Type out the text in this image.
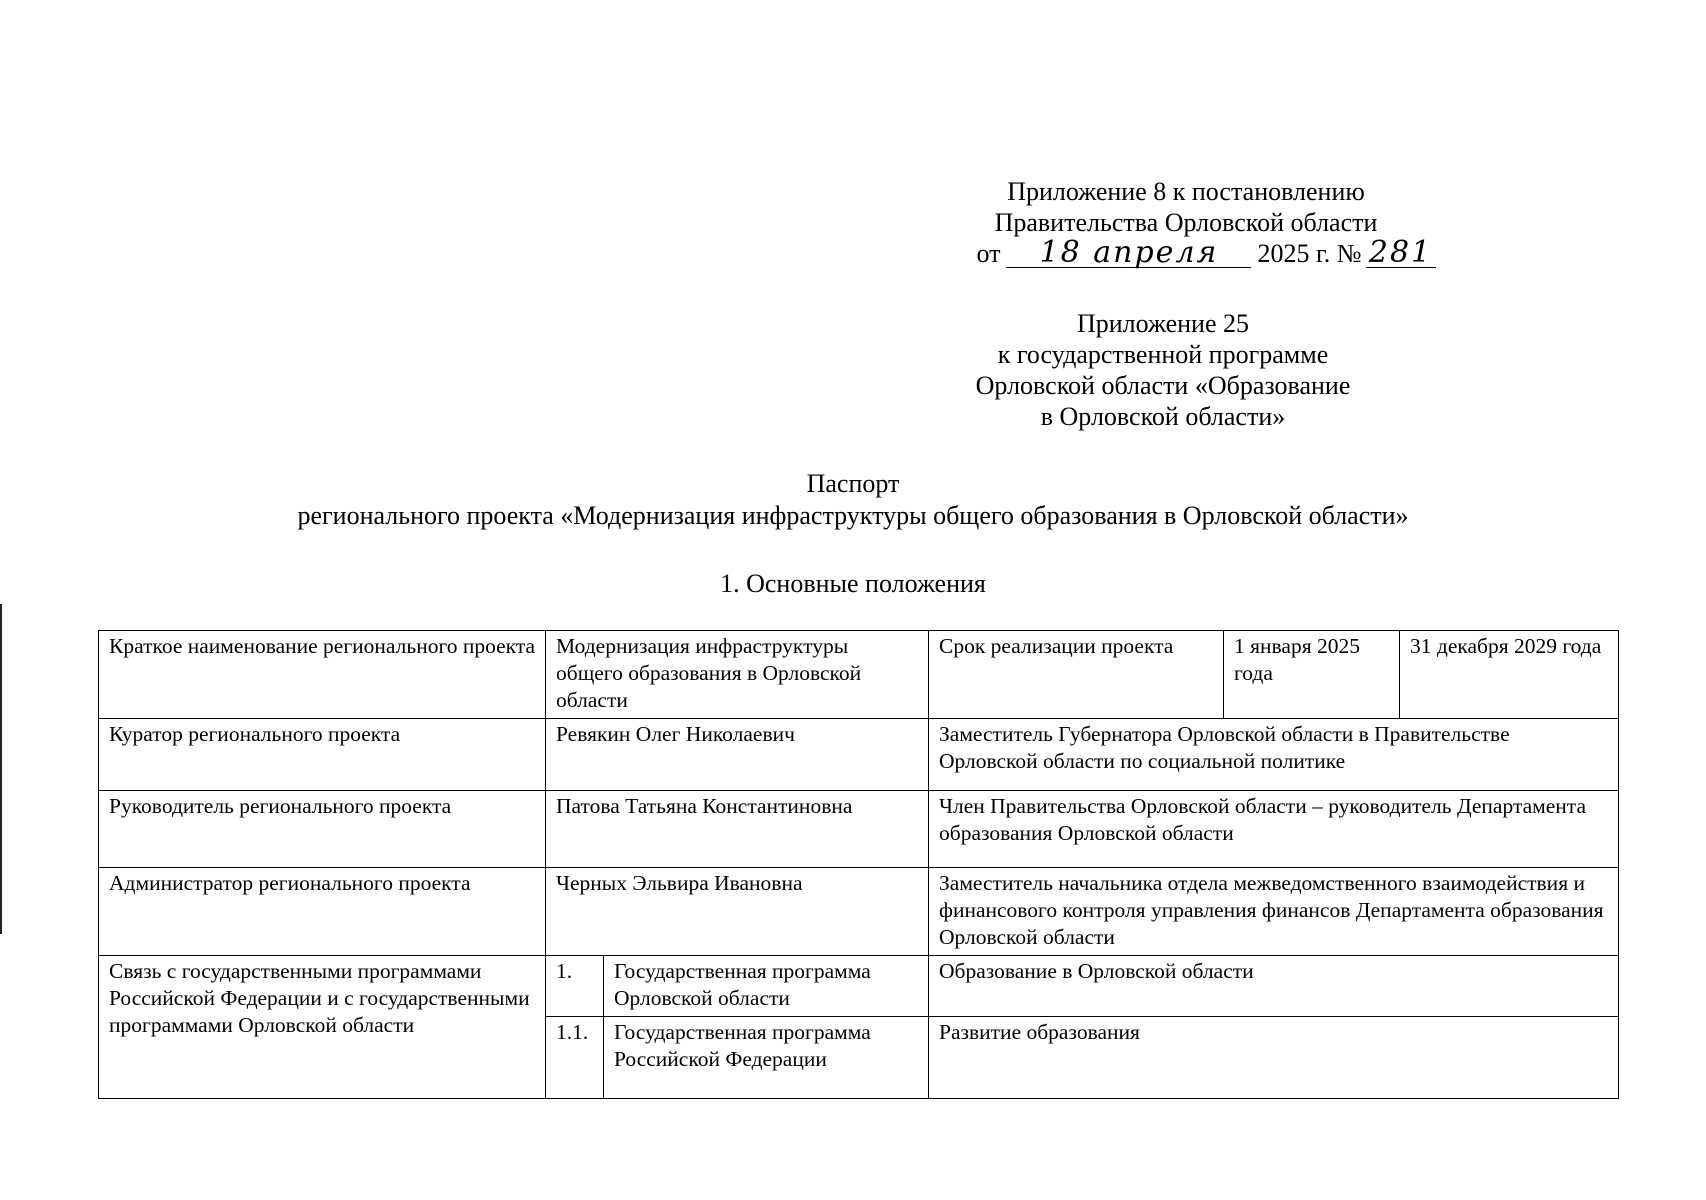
Приложение 8 к постановлению
Правительства Орловской области
от 18 апреля 2025 г. № 281
Приложение 25
к государственной программе
Орловской области «Образование
в Орловской области»
Паспорт
регионального проекта «Модернизация инфраструктуры общего образования в Орловской области»
1. Основные положения
Краткое наименование регионального проекта	Модернизация инфраструктуры общего образования в Орловской области		Срок реализации проекта	1 января 2025 года	31 декабря 2029 года
Куратор регионального проекта	Ревякин Олег Николаевич		Заместитель Губернатора Орловской области в Правительстве Орловской области по социальной политике		
Руководитель регионального проекта	Патова Татьяна Константиновна		Член Правительства Орловской области – руководитель Департамента образования Орловской области		
Администратор регионального проекта	Черных Эльвира Ивановна		Заместитель начальника отдела межведомственного взаимодействия и финансового контроля управления финансов Департамента образования Орловской области		
Связь с государственными программами Российской Федерации и с государственными программами Орловской области	1.	Государственная программа Орловской области	Образование в Орловской области		
	1.1.	Государственная программа Российской Федерации	Развитие образования		
